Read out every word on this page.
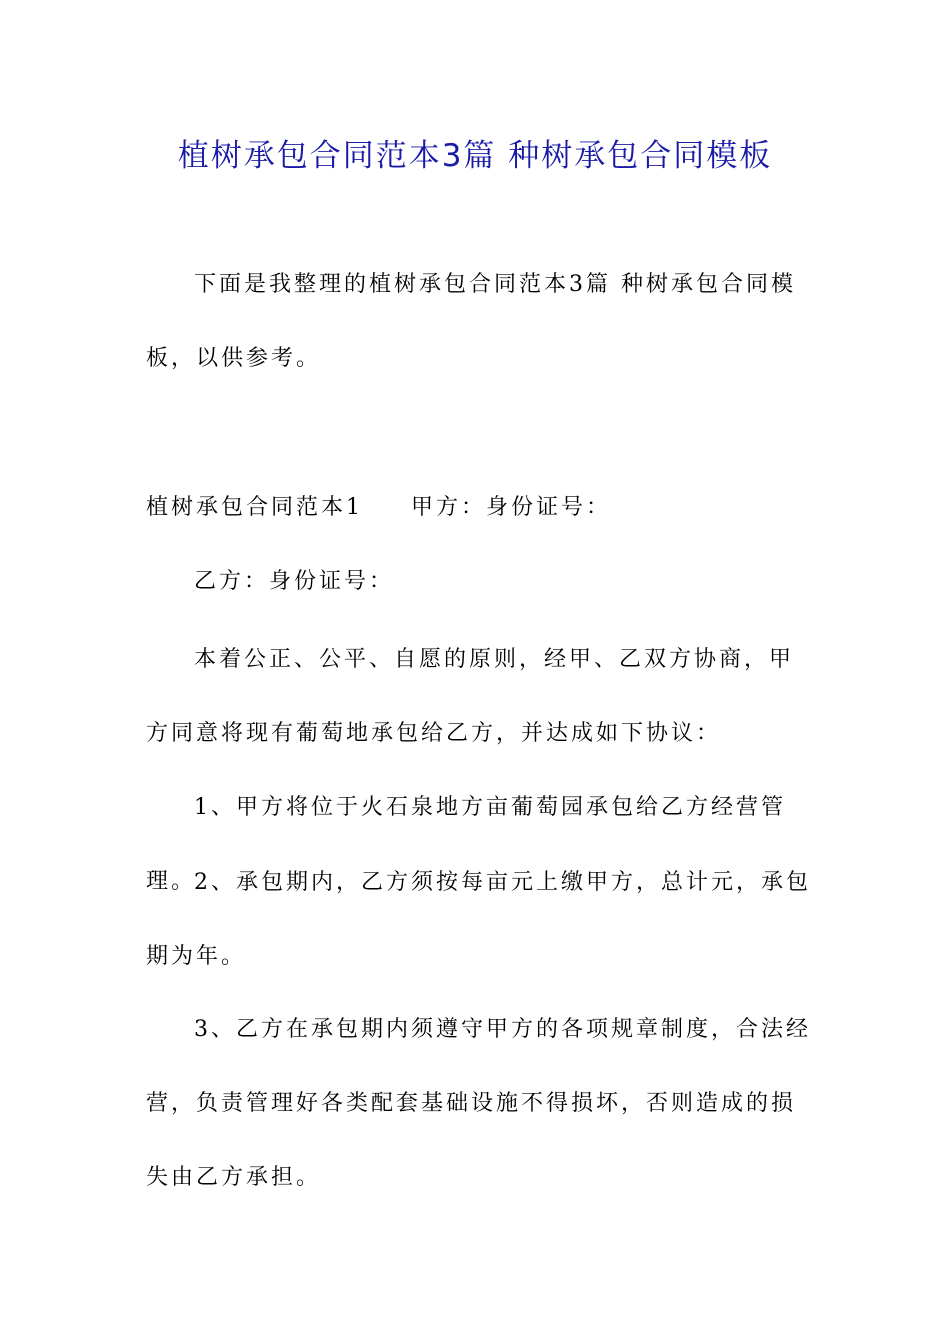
植树承包合同范本3篇 种树承包合同模板

下面是我整理的植树承包合同范本3篇 种树承包合同模板，以供参考。

植树承包合同范本1 甲方：身份证号：

乙方：身份证号：

本着公正、公平、自愿的原则，经甲、乙双方协商，甲方同意将现有葡萄地承包给乙方，并达成如下协议：

1、甲方将位于火石泉地方亩葡萄园承包给乙方经营管理。

2、承包期内，乙方须按每亩元上缴甲方，总计元，承包期为年。

3、乙方在承包期内须遵守甲方的各项规章制度，合法经营，负责管理好各类配套基础设施不得损坏，否则造成的损失由乙方承担。
